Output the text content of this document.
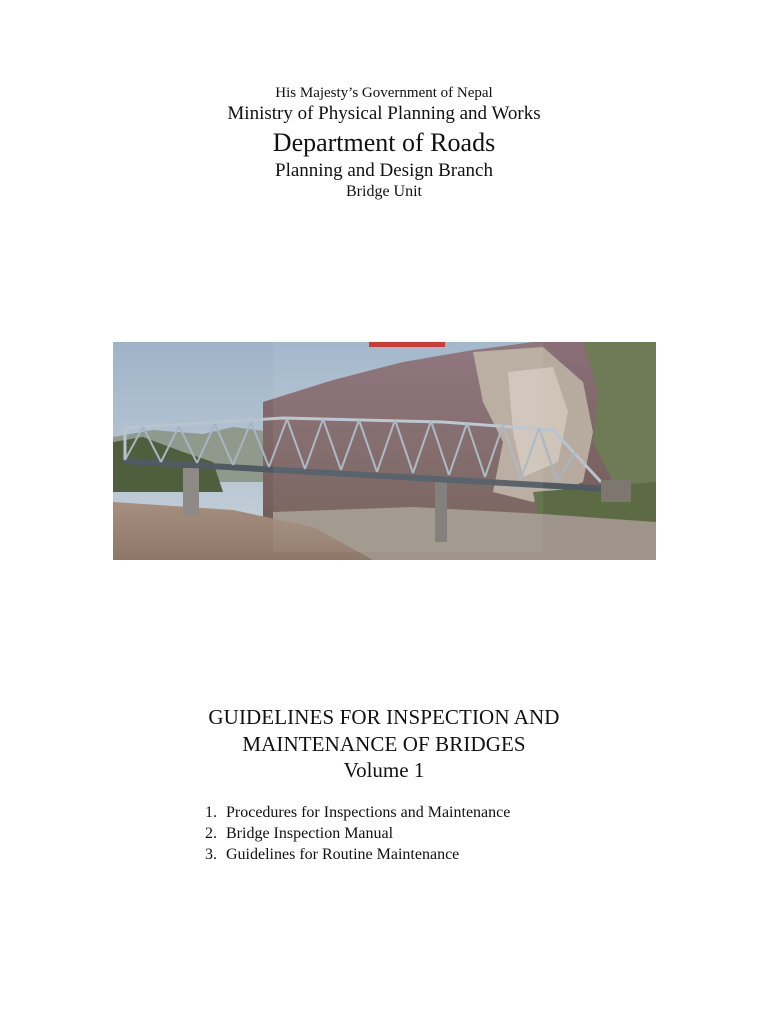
His Majesty’s Government of Nepal
Ministry of Physical Planning and Works
Department of Roads
Planning and Design Branch
Bridge Unit
GUIDELINES FOR INSPECTION AND
MAINTENANCE OF BRIDGES
Volume 1
1. Procedures for Inspections and Maintenance
2. Bridge Inspection Manual
3. Guidelines for Routine Maintenance
